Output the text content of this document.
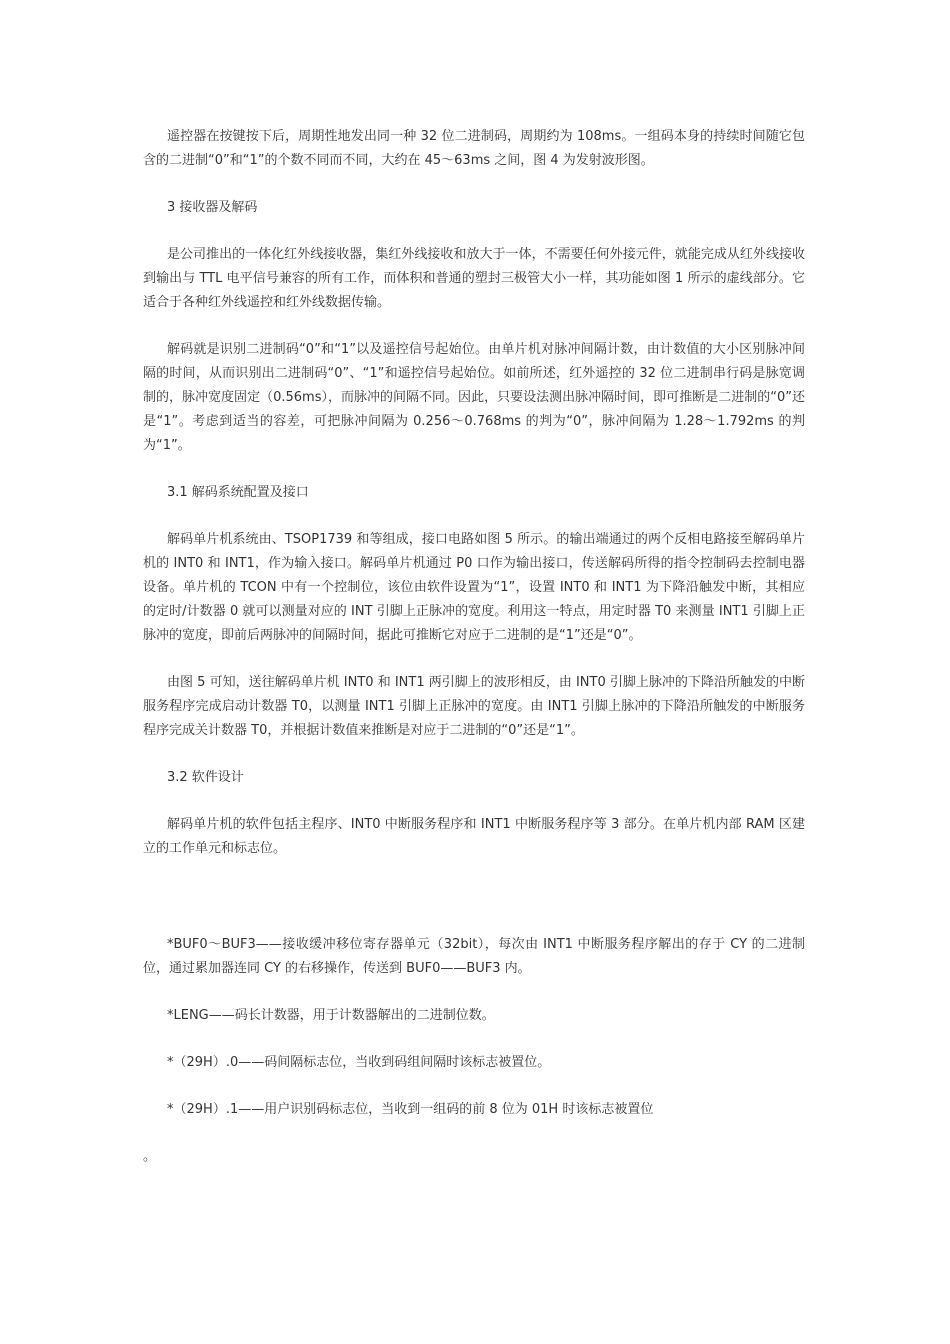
遥控器在按键按下后，周期性地发出同一种 32 位二进制码，周期约为 108ms。一组码本身的持续时间随它包含的二进制“0”和“1”的个数不同而不同，大约在 45～63ms 之间，图 4 为发射波形图。

3 接收器及解码

是公司推出的一体化红外线接收器，集红外线接收和放大于一体，不需要任何外接元件，就能完成从红外线接收到输出与 TTL 电平信号兼容的所有工作，而体积和普通的塑封三极管大小一样，其功能如图 1 所示的虚线部分。它适合于各种红外线遥控和红外线数据传输。

解码就是识别二进制码“0”和“1”以及遥控信号起始位。由单片机对脉冲间隔计数，由计数值的大小区别脉冲间隔的时间，从而识别出二进制码“0”、“1”和遥控信号起始位。如前所述，红外遥控的 32 位二进制串行码是脉宽调制的，脉冲宽度固定（0.56ms），而脉冲的间隔不同。因此，只要设法测出脉冲隔时间，即可推断是二进制的“0”还是“1”。考虑到适当的容差，可把脉冲间隔为 0.256～0.768ms 的判为“0”，脉冲间隔为 1.28～1.792ms 的判为“1”。

3.1 解码系统配置及接口

解码单片机系统由、TSOP1739 和等组成，接口电路如图 5 所示。的输出端通过的两个反相电路接至解码单片机的 INT0 和 INT1，作为输入接口。解码单片机通过 P0 口作为输出接口，传送解码所得的指令控制码去控制电器设备。单片机的 TCON 中有一个控制位，该位由软件设置为“1”，设置 INT0 和 INT1 为下降沿触发中断，其相应的定时/计数器 0 就可以测量对应的 INT 引脚上正脉冲的宽度。利用这一特点，用定时器 T0 来测量 INT1 引脚上正脉冲的宽度，即前后两脉冲的间隔时间，据此可推断它对应于二进制的是“1”还是“0”。

由图 5 可知，送往解码单片机 INT0 和 INT1 两引脚上的波形相反，由 INT0 引脚上脉冲的下降沿所触发的中断服务程序完成启动计数器 T0，以测量 INT1 引脚上正脉冲的宽度。由 INT1 引脚上脉冲的下降沿所触发的中断服务程序完成关计数器 T0，并根据计数值来推断是对应于二进制的“0”还是“1”。

3.2 软件设计

解码单片机的软件包括主程序、INT0 中断服务程序和 INT1 中断服务程序等 3 部分。在单片机内部 RAM 区建立的工作单元和标志位。

*BUF0～BUF3——接收缓冲移位寄存器单元（32bit），每次由 INT1 中断服务程序解出的存于 CY 的二进制位，通过累加器连同 CY 的右移操作，传送到 BUF0——BUF3 内。

*LENG——码长计数器，用于计数器解出的二进制位数。

*（29H）.0——码间隔标志位，当收到码组间隔时该标志被置位。

*（29H）.1——用户识别码标志位，当收到一组码的前 8 位为 01H 时该标志被置位

。
